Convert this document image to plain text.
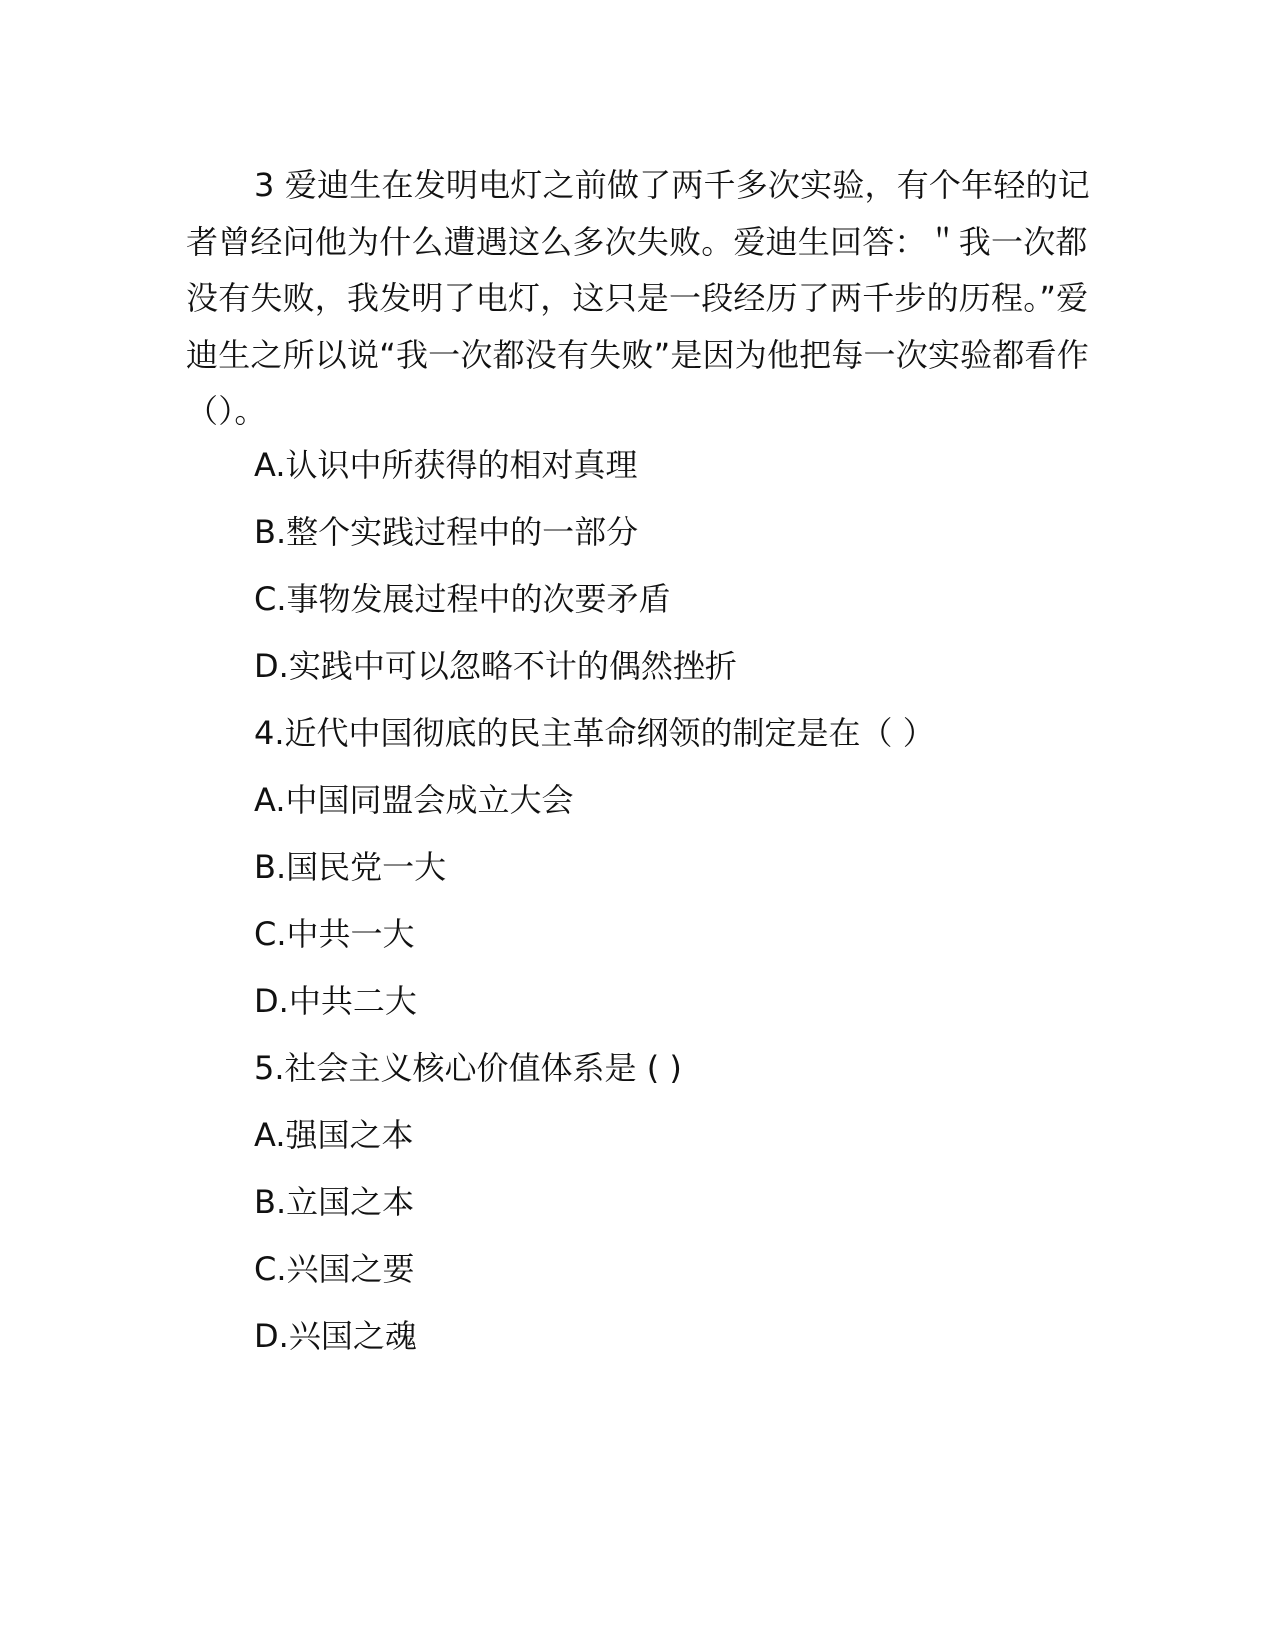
3 爱迪生在发明电灯之前做了两千多次实验，有个年轻的记者曾经问他为什么遭遇这么多次失败。爱迪生回答：＂我一次都没有失败，我发明了电灯，这只是一段经历了两千步的历程。”爱迪生之所以说“我一次都没有失败”是因为他把每一次实验都看作（）。

A.认识中所获得的相对真理

B.整个实践过程中的一部分

C.事物发展过程中的次要矛盾

D.实践中可以忽略不计的偶然挫折

4.近代中国彻底的民主革命纲领的制定是在（ ）

A.中国同盟会成立大会

B.国民党一大

C.中共一大

D.中共二大

5.社会主义核心价值体系是 ( )

A.强国之本

B.立国之本

C.兴国之要

D.兴国之魂
